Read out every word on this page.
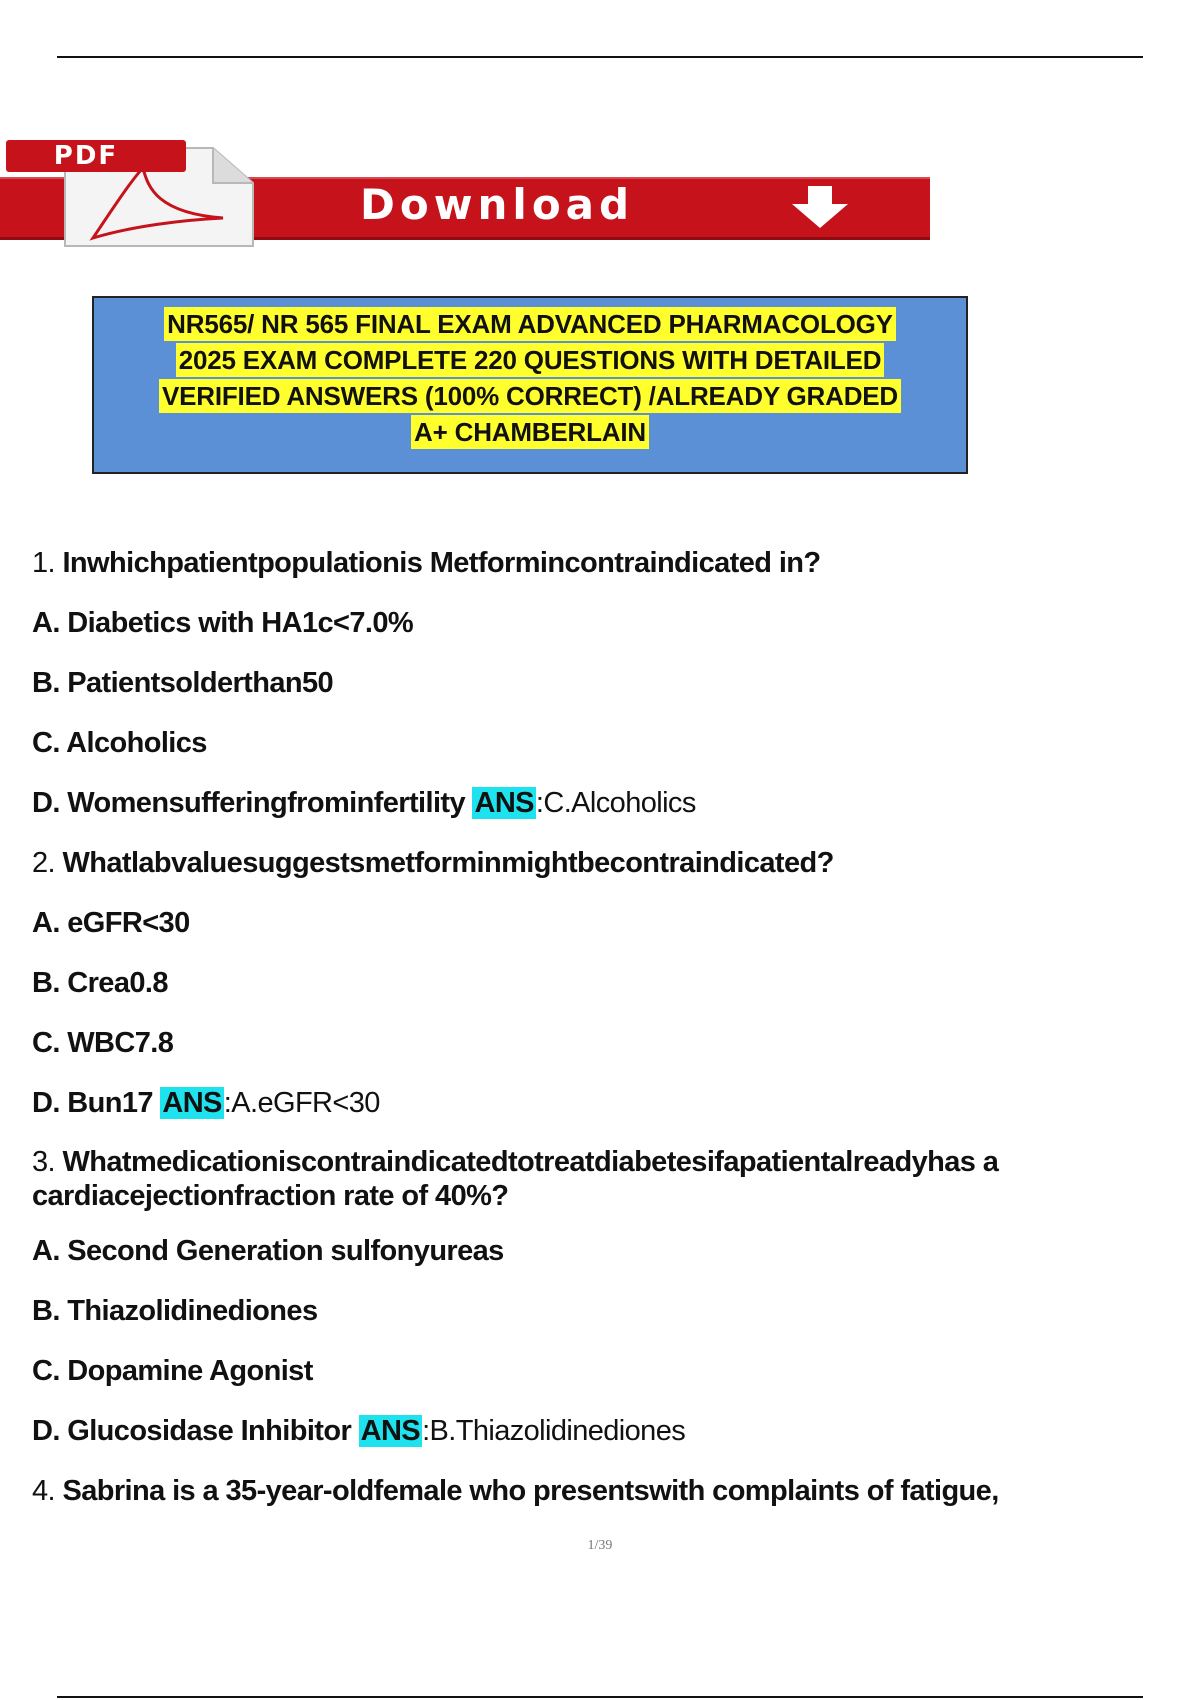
PDF
Download
NR565/ NR 565 FINAL EXAM ADVANCED PHARMACOLOGY
2025 EXAM COMPLETE 220 QUESTIONS WITH DETAILED
VERIFIED ANSWERS (100% CORRECT) /ALREADY GRADED
A+ CHAMBERLAIN
1. Inwhichpatientpopulationis Metformincontraindicated in?
A. Diabetics with HA1c<7.0%
B. Patientsolderthan50
C. Alcoholics
D. Womensufferingfrominfertility ANS:C.Alcoholics
2. Whatlabvaluesuggestsmetforminmightbecontraindicated?
A. eGFR<30
B. Crea0.8
C. WBC7.8
D. Bun17 ANS:A.eGFR<30
3. Whatmedicationiscontraindicatedtotreatdiabetesifapatientalreadyhas a cardiacejectionfraction rate of 40%?
A. Second Generation sulfonyureas
B. Thiazolidinediones
C. Dopamine Agonist
D. Glucosidase Inhibitor ANS:B.Thiazolidinediones
4. Sabrina is a 35-year-oldfemale who presentswith complaints of fatigue,
1/39
